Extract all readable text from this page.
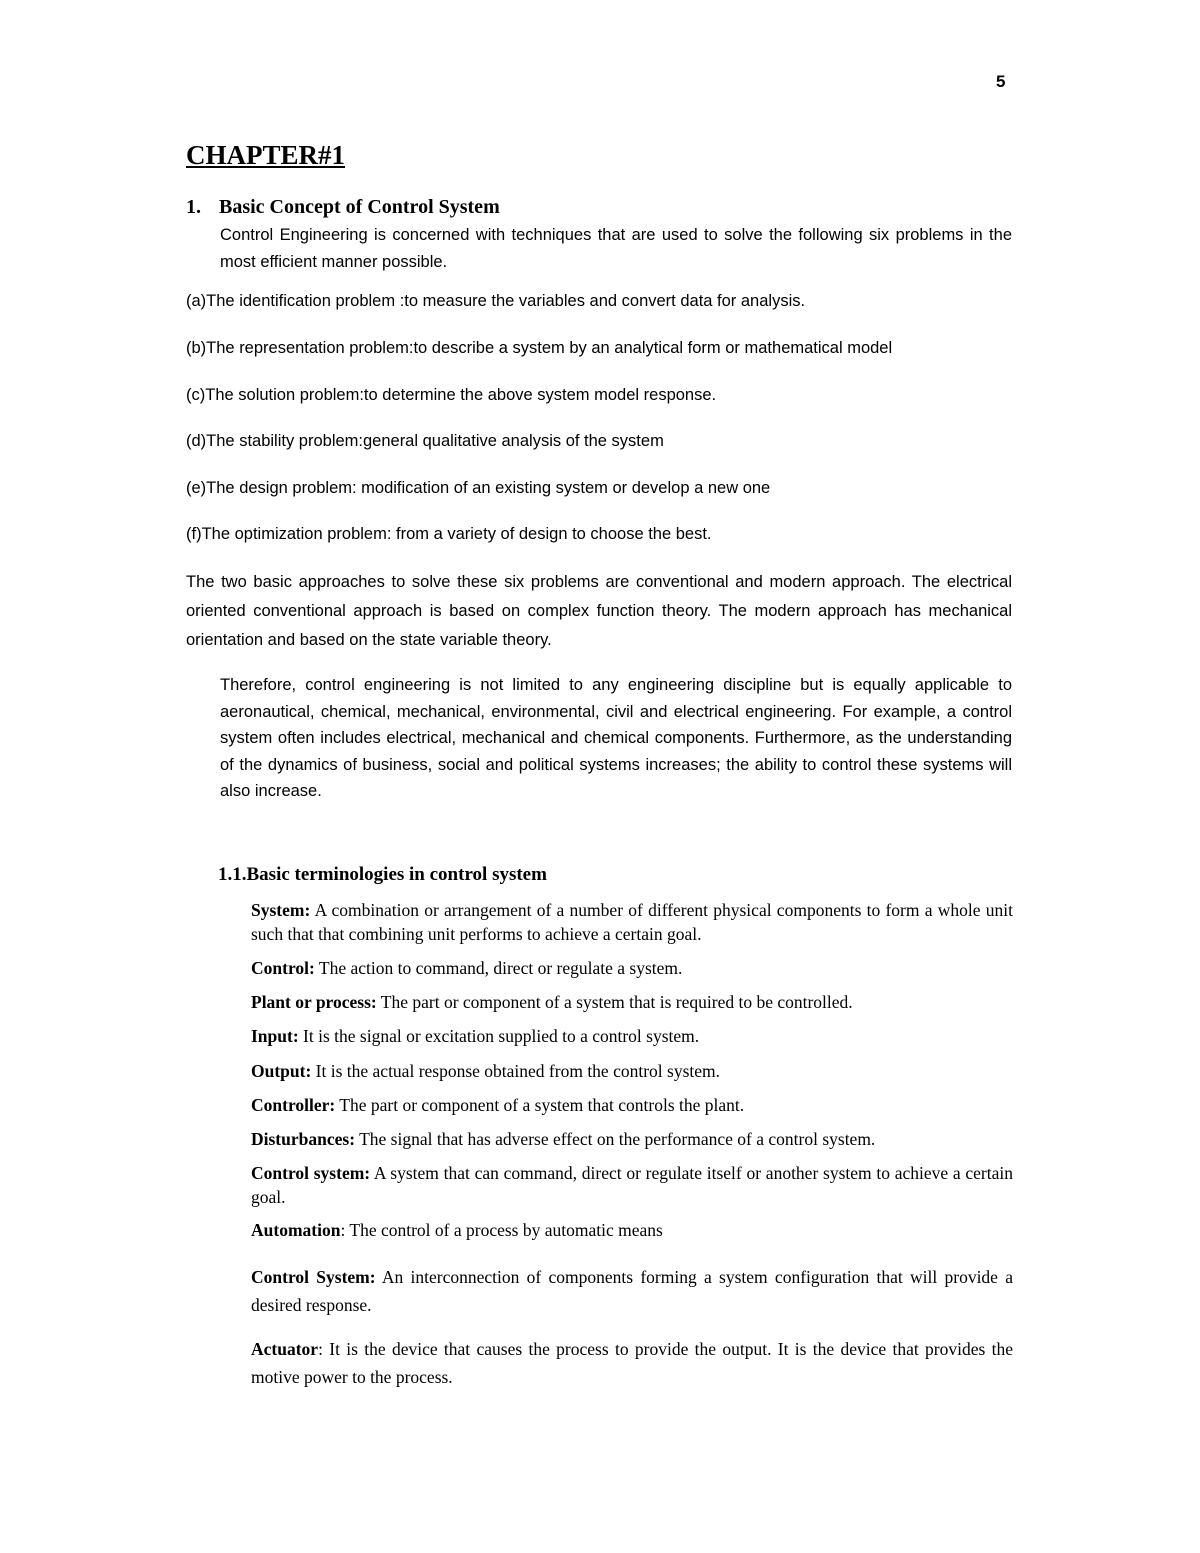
5
CHAPTER#1
1. Basic Concept of Control System
Control Engineering is concerned with techniques that are used to solve the following six problems in the most efficient manner possible.
(a)The identification problem :to measure the variables and convert data for analysis.
(b)The representation problem:to describe a system by an analytical form or mathematical model
(c)The solution problem:to determine the above system model response.
(d)The stability problem:general qualitative analysis of the system
(e)The design problem: modification of an existing system or develop a new one
(f)The optimization problem: from a variety of design to choose the best.
The two basic approaches to solve these six problems are conventional and modern approach. The electrical oriented conventional approach is based on complex function theory. The modern approach has mechanical orientation and based on the state variable theory.
Therefore, control engineering is not limited to any engineering discipline but is equally applicable to aeronautical, chemical, mechanical, environmental, civil and electrical engineering. For example, a control system often includes electrical, mechanical and chemical components. Furthermore, as the understanding of the dynamics of business, social and political systems increases; the ability to control these systems will also increase.
1.1.Basic terminologies in control system
System: A combination or arrangement of a number of different physical components to form a whole unit such that that combining unit performs to achieve a certain goal.
Control: The action to command, direct or regulate a system.
Plant or process: The part or component of a system that is required to be controlled.
Input: It is the signal or excitation supplied to a control system.
Output: It is the actual response obtained from the control system.
Controller: The part or component of a system that controls the plant.
Disturbances: The signal that has adverse effect on the performance of a control system.
Control system: A system that can command, direct or regulate itself or another system to achieve a certain goal.
Automation: The control of a process by automatic means
Control System: An interconnection of components forming a system configuration that will provide a desired response.
Actuator: It is the device that causes the process to provide the output. It is the device that provides the motive power to the process.
